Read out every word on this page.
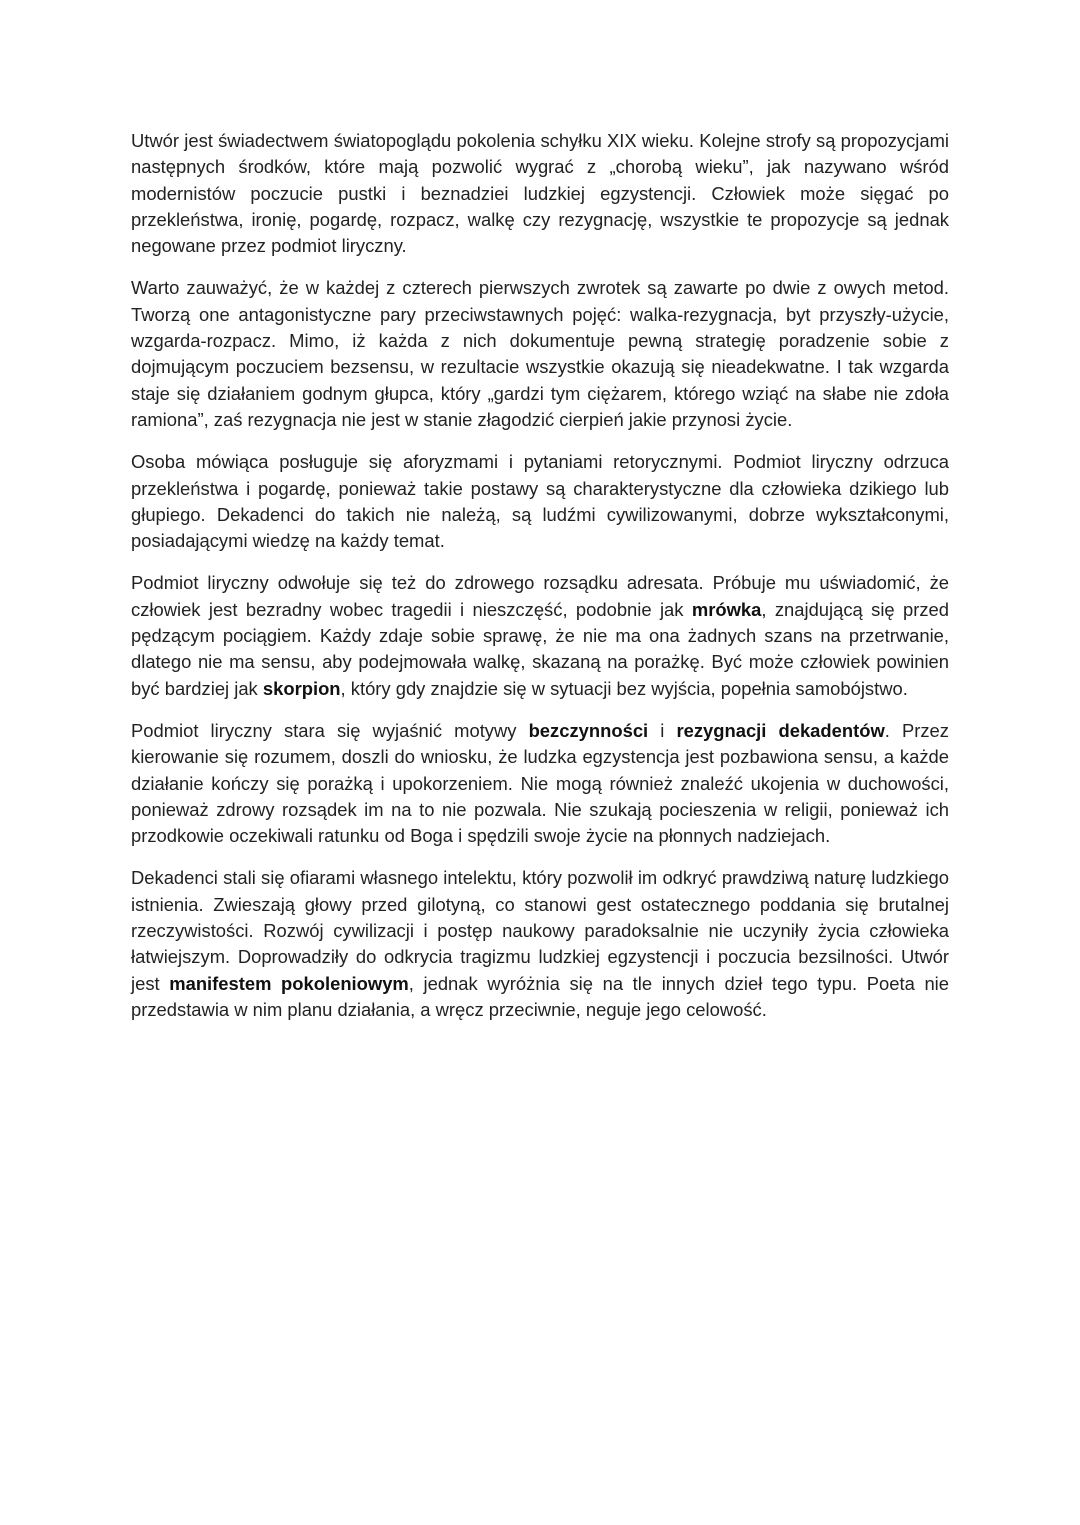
Utwór jest świadectwem światopoglądu pokolenia schyłku XIX wieku. Kolejne strofy są propozycjami następnych środków, które mają pozwolić wygrać z „chorobą wieku”, jak nazywano wśród modernistów poczucie pustki i beznadziei ludzkiej egzystencji. Człowiek może sięgać po przekleństwa, ironię, pogardę, rozpacz, walkę czy rezygnację, wszystkie te propozycje są jednak negowane przez podmiot liryczny.

Warto zauważyć, że w każdej z czterech pierwszych zwrotek są zawarte po dwie z owych metod. Tworzą one antagonistyczne pary przeciwstawnych pojęć: walka-rezygnacja, byt przyszły-użycie, wzgarda-rozpacz. Mimo, iż każda z nich dokumentuje pewną strategię poradzenie sobie z dojmującym poczuciem bezsensu, w rezultacie wszystkie okazują się nieadekwatne. I tak wzgarda staje się działaniem godnym głupca, który „gardzi tym ciężarem, którego wziąć na słabe nie zdoła ramiona”, zaś rezygnacja nie jest w stanie złagodzić cierpień jakie przynosi życie.

Osoba mówiąca posługuje się aforyzmami i pytaniami retorycznymi. Podmiot liryczny odrzuca przekleństwa i pogardę, ponieważ takie postawy są charakterystyczne dla człowieka dzikiego lub głupiego. Dekadenci do takich nie należą, są ludźmi cywilizowanymi, dobrze wykształconymi, posiadającymi wiedzę na każdy temat.

Podmiot liryczny odwołuje się też do zdrowego rozsądku adresata. Próbuje mu uświadomić, że człowiek jest bezradny wobec tragedii i nieszczęść, podobnie jak mrówka, znajdującą się przed pędzącym pociągiem. Każdy zdaje sobie sprawę, że nie ma ona żadnych szans na przetrwanie, dlatego nie ma sensu, aby podejmowała walkę, skazaną na porażkę. Być może człowiek powinien być bardziej jak skorpion, który gdy znajdzie się w sytuacji bez wyjścia, popełnia samobójstwo.

Podmiot liryczny stara się wyjaśnić motywy bezczynności i rezygnacji dekadentów. Przez kierowanie się rozumem, doszli do wniosku, że ludzka egzystencja jest pozbawiona sensu, a każde działanie kończy się porażką i upokorzeniem. Nie mogą również znaleźć ukojenia w duchowości, ponieważ zdrowy rozsądek im na to nie pozwala. Nie szukają pocieszenia w religii, ponieważ ich przodkowie oczekiwali ratunku od Boga i spędzili swoje życie na płonnych nadziejach.

Dekadenci stali się ofiarami własnego intelektu, który pozwolił im odkryć prawdziwą naturę ludzkiego istnienia. Zwieszają głowy przed gilotyną, co stanowi gest ostatecznego poddania się brutalnej rzeczywistości. Rozwój cywilizacji i postęp naukowy paradoksalnie nie uczyniły życia człowieka łatwiejszym. Doprowadziły do odkrycia tragizmu ludzkiej egzystencji i poczucia bezsilności. Utwór jest manifestem pokoleniowym, jednak wyróżnia się na tle innych dzieł tego typu. Poeta nie przedstawia w nim planu działania, a wręcz przeciwnie, neguje jego celowość.
